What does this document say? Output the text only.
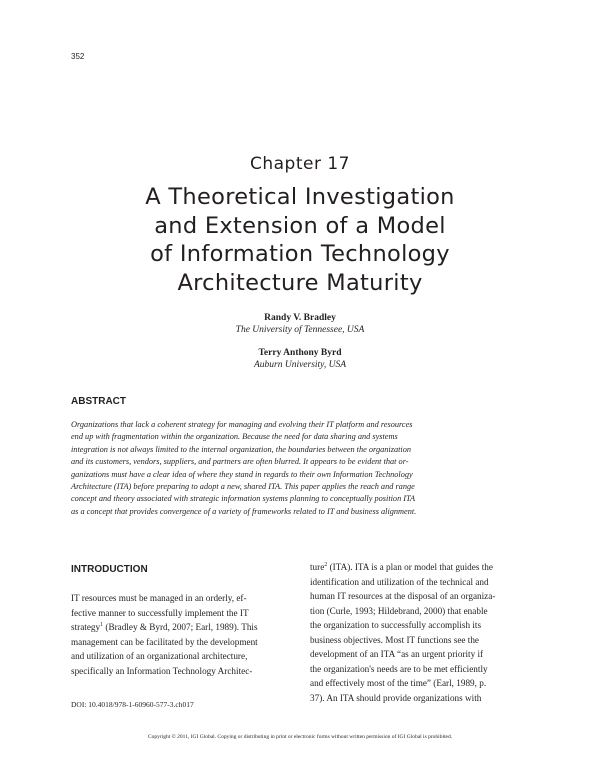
352
Chapter 17
A Theoretical Investigation
and Extension of a Model
of Information Technology
Architecture Maturity
Randy V. Bradley
The University of Tennessee, USA
Terry Anthony Byrd
Auburn University, USA
ABSTRACT
Organizations that lack a coherent strategy for managing and evolving their IT platform and resources
end up with fragmentation within the organization. Because the need for data sharing and systems
integration is not always limited to the internal organization, the boundaries between the organization
and its customers, vendors, suppliers, and partners are often blurred. It appears to be evident that or-
ganizations must have a clear idea of where they stand in regards to their own Information Technology
Architecture (ITA) before preparing to adopt a new, shared ITA. This paper applies the reach and range
concept and theory associated with strategic information systems planning to conceptually position ITA
as a concept that provides convergence of a variety of frameworks related to IT and business alignment.
INTRODUCTION
IT resources must be managed in an orderly, ef-
fective manner to successfully implement the IT
strategy$^1$ (Bradley & Byrd, 2007; Earl, 1989). This
management can be facilitated by the development
and utilization of an organizational architecture,
specifically an Information Technology Architec-
ture$^2$ (ITA). ITA is a plan or model that guides the
identification and utilization of the technical and
human IT resources at the disposal of an organiza-
tion (Curle, 1993; Hildebrand, 2000) that enable
the organization to successfully accomplish its
business objectives. Most IT functions see the
development of an ITA “as an urgent priority if
the organization's needs are to be met efficiently
and effectively most of the time” (Earl, 1989, p.
37). An ITA should provide organizations with
DOI: 10.4018/978-1-60960-577-3.ch017
Copyright © 2011, IGI Global. Copying or distributing in print or electronic forms without written permission of IGI Global is prohibited.
